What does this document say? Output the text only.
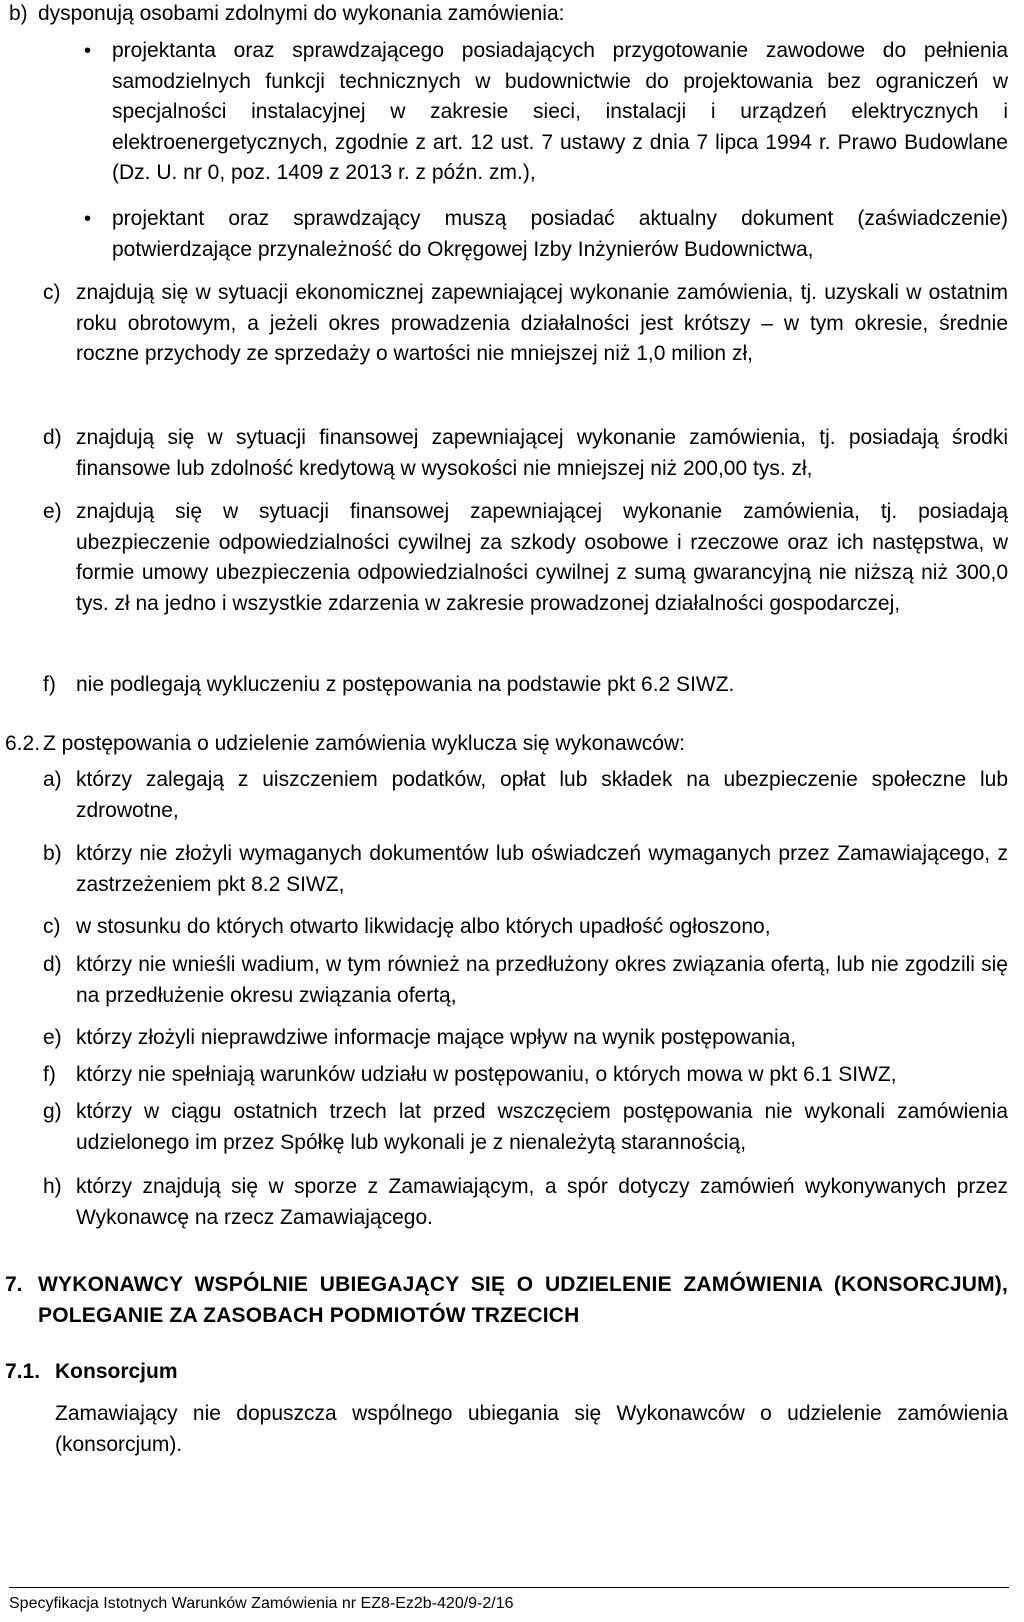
b) dysponują osobami zdolnymi do wykonania zamówienia:
• projektanta oraz sprawdzającego posiadających przygotowanie zawodowe do pełnienia samodzielnych funkcji technicznych w budownictwie do projektowania bez ograniczeń w specjalności instalacyjnej w zakresie sieci, instalacji i urządzeń elektrycznych i elektroenergetycznych, zgodnie z art. 12 ust. 7 ustawy z dnia 7 lipca 1994 r. Prawo Budowlane (Dz. U. nr 0, poz. 1409 z 2013 r. z późn. zm.),
• projektant oraz sprawdzający muszą posiadać aktualny dokument (zaświadczenie) potwierdzające przynależność do Okręgowej Izby Inżynierów Budownictwa,
c) znajdują się w sytuacji ekonomicznej zapewniającej wykonanie zamówienia, tj. uzyskali w ostatnim roku obrotowym, a jeżeli okres prowadzenia działalności jest krótszy – w tym okresie, średnie roczne przychody ze sprzedaży o wartości nie mniejszej niż 1,0 milion zł,
d) znajdują się w sytuacji finansowej zapewniającej wykonanie zamówienia, tj. posiadają środki finansowe lub zdolność kredytową w wysokości nie mniejszej niż 200,00 tys. zł,
e) znajdują się w sytuacji finansowej zapewniającej wykonanie zamówienia, tj. posiadają ubezpieczenie odpowiedzialności cywilnej za szkody osobowe i rzeczowe oraz ich następstwa, w formie umowy ubezpieczenia odpowiedzialności cywilnej z sumą gwarancyjną nie niższą niż 300,0 tys. zł na jedno i wszystkie zdarzenia w zakresie prowadzonej działalności gospodarczej,
f) nie podlegają wykluczeniu z postępowania na podstawie pkt 6.2 SIWZ.
6.2. Z postępowania o udzielenie zamówienia wyklucza się wykonawców:
a) którzy zalegają z uiszczeniem podatków, opłat lub składek na ubezpieczenie społeczne lub zdrowotne,
b) którzy nie złożyli wymaganych dokumentów lub oświadczeń wymaganych przez Zamawiającego, z zastrzeżeniem pkt 8.2 SIWZ,
c) w stosunku do których otwarto likwidację albo których upadłość ogłoszono,
d) którzy nie wnieśli wadium, w tym również na przedłużony okres związania ofertą, lub nie zgodzili się na przedłużenie okresu związania ofertą,
e) którzy złożyli nieprawdziwe informacje mające wpływ na wynik postępowania,
f) którzy nie spełniają warunków udziału w postępowaniu, o których mowa w pkt 6.1 SIWZ,
g) którzy w ciągu ostatnich trzech lat przed wszczęciem postępowania nie wykonali zamówienia udzielonego im przez Spółkę lub wykonali je z nienależytą starannością,
h) którzy znajdują się w sporze z Zamawiającym, a spór dotyczy zamówień wykonywanych przez Wykonawcę na rzecz Zamawiającego.
7. WYKONAWCY WSPÓLNIE UBIEGAJĄCY SIĘ O UDZIELENIE ZAMÓWIENIA (KONSORCJUM), POLEGANIE ZA ZASOBACH PODMIOTÓW TRZECICH
7.1. Konsorcjum
Zamawiający nie dopuszcza wspólnego ubiegania się Wykonawców o udzielenie zamówienia (konsorcjum).
Specyfikacja Istotnych Warunków Zamówienia nr EZ8-Ez2b-420/9-2/16
